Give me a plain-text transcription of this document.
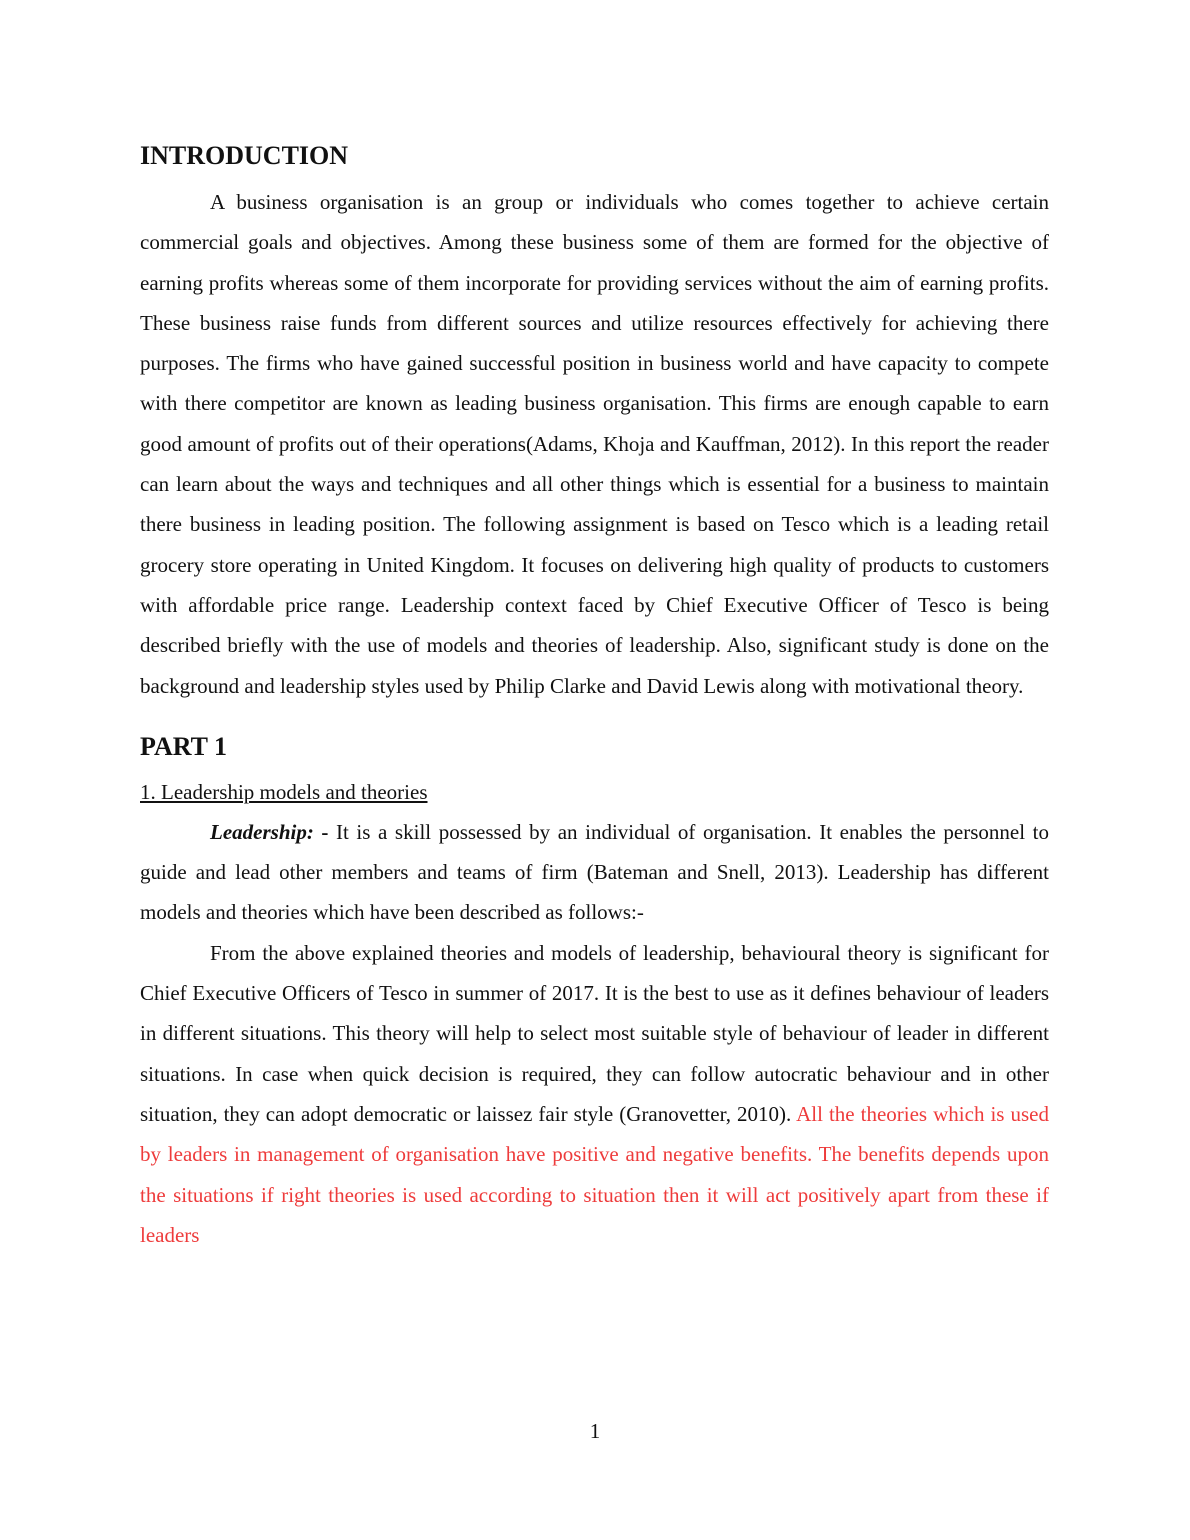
INTRODUCTION

A business organisation is an group or individuals who comes together to achieve certain commercial goals and objectives. Among these business some of them are formed for the objective of earning profits whereas some of them incorporate for providing services without the aim of earning profits. These business raise funds from different sources and utilize resources effectively for achieving there purposes. The firms who have gained successful position in business world and have capacity to compete with there competitor are known as leading business organisation. This firms are enough capable to earn good amount of profits out of their operations(Adams, Khoja and Kauffman, 2012). In this report the reader can learn about the ways and techniques and all other things which is essential for a business to maintain there business in leading position. The following assignment is based on Tesco which is a leading retail grocery store operating in United Kingdom. It focuses on delivering high quality of products to customers with affordable price range. Leadership context faced by Chief Executive Officer of Tesco is being described briefly with the use of models and theories of leadership. Also, significant study is done on the background and leadership styles used by Philip Clarke and David Lewis along with motivational theory.

PART 1

1. Leadership models and theories

Leadership: - It is a skill possessed by an individual of organisation. It enables the personnel to guide and lead other members and teams of firm (Bateman and Snell, 2013). Leadership has different models and theories which have been described as follows:-

From the above explained theories and models of leadership, behavioural theory is significant for Chief Executive Officers of Tesco in summer of 2017. It is the best to use as it defines behaviour of leaders in different situations. This theory will help to select most suitable style of behaviour of leader in different situations. In case when quick decision is required, they can follow autocratic behaviour and in other situation, they can adopt democratic or laissez fair style (Granovetter, 2010). All the theories which is used by leaders in management of organisation have positive and negative benefits. The benefits depends upon the situations if right theories is used according to situation then it will act positively apart from these if leaders

1
